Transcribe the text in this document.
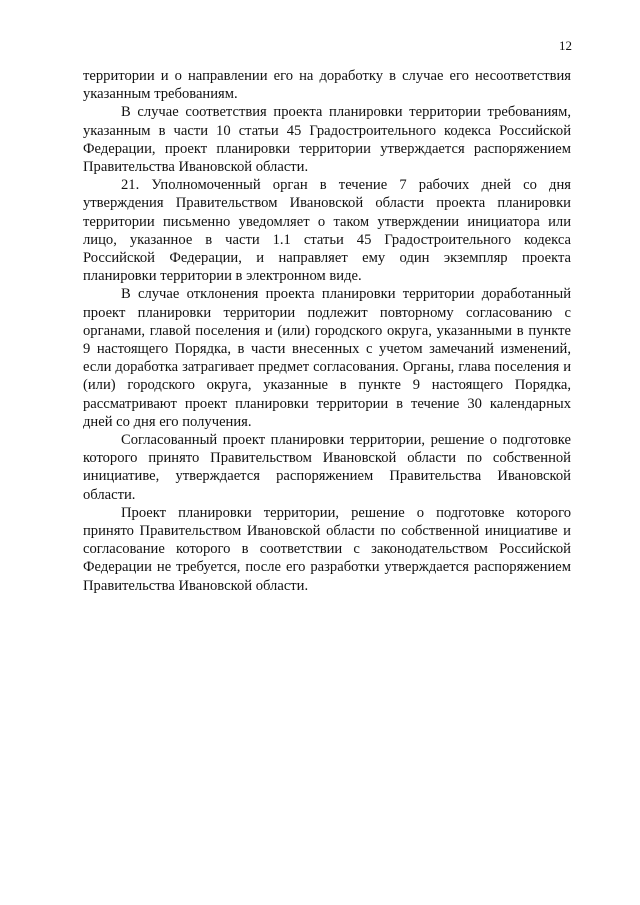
12

территории и о направлении его на доработку в случае его несоответствия указанным требованиям.

В случае соответствия проекта планировки территории требованиям, указанным в части 10 статьи 45 Градостроительного кодекса Российской Федерации, проект планировки территории утверждается распоряжением Правительства Ивановской области.

21. Уполномоченный орган в течение 7 рабочих дней со дня утверждения Правительством Ивановской области проекта планировки территории письменно уведомляет о таком утверждении инициатора или лицо, указанное в части 1.1 статьи 45 Градостроительного кодекса Российской Федерации, и направляет ему один экземпляр проекта планировки территории в электронном виде.

В случае отклонения проекта планировки территории доработанный проект планировки территории подлежит повторному согласованию с органами, главой поселения и (или) городского округа, указанными в пункте 9 настоящего Порядка, в части внесенных с учетом замечаний изменений, если доработка затрагивает предмет согласования. Органы, глава поселения и (или) городского округа, указанные в пункте 9 настоящего Порядка, рассматривают проект планировки территории в течение 30 календарных дней со дня его получения.

Согласованный проект планировки территории, решение о подготовке которого принято Правительством Ивановской области по собственной инициативе, утверждается распоряжением Правительства Ивановской области.

Проект планировки территории, решение о подготовке которого принято Правительством Ивановской области по собственной инициативе и согласование которого в соответствии с законодательством Российской Федерации не требуется, после его разработки утверждается распоряжением Правительства Ивановской области.
